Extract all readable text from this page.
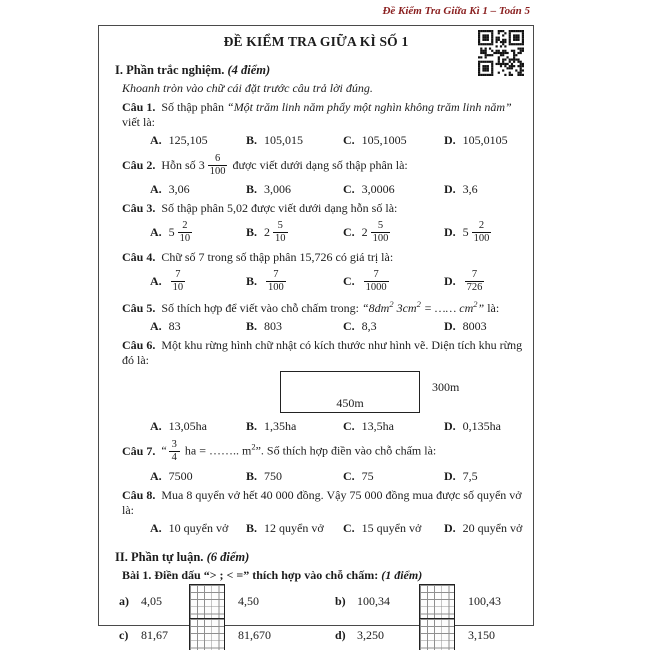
Đề Kiểm Tra Giữa Kì 1 – Toán 5
ĐỀ KIỂM TRA GIỮA KÌ SỐ 1
I. Phần trắc nghiệm. (4 điểm)
Khoanh tròn vào chữ cái đặt trước câu trả lời đúng.
Câu 1. Số thập phân “Một trăm linh năm phẩy một nghìn không trăm linh năm” viết là:
A. 125,105	B. 105,015	C. 105,1005	D. 105,0105
Câu 2. Hỗn số $3 \frac{6}{100}$ được viết dưới dạng số thập phân là:
A. 3,06	B. 3,006	C. 3,0006	D. 3,6
Câu 3. Số thập phân 5,02 được viết dưới dạng hỗn số là:
A. $5 \frac{2}{10}$	B. $2 \frac{5}{10}$	C. $2 \frac{5}{100}$	D. $5 \frac{2}{100}$
Câu 4. Chữ số 7 trong số thập phân 15,726 có giá trị là:
A. $\frac{7}{10}$	B. $\frac{7}{100}$	C. $\frac{7}{1000}$	D. $\frac{7}{726}$
Câu 5. Số thích hợp để viết vào chỗ chấm trong: “$8dm^2$ $3cm^2$ = …… $cm^2$” là:
A. 83	B. 803	C. 8,3	D. 8003
Câu 6. Một khu rừng hình chữ nhật có kích thước như hình vẽ. Diện tích khu rừng đó là:
450m
300m
A. 13,05ha	B. 1,35ha	C. 13,5ha	D. 0,135ha
Câu 7. “ $\frac{3}{4}$ ha = …….. $m^2$”. Số thích hợp điền vào chỗ chấm là:
A. 7500	B. 750	C. 75	D. 7,5
Câu 8. Mua 8 quyển vở hết 40 000 đồng. Vậy 75 000 đồng mua được số quyển vở là:
A. 10 quyển vở	B. 12 quyển vở	C. 15 quyển vở	D. 20 quyển vở
II. Phần tự luận. (6 điểm)
Bài 1. Điền dấu “> ; < =” thích hợp vào chỗ chấm: (1 điểm)
a)	4,05	4,50	b) 100,34	100,43
c)	81,67	81,670	d) 3,250	3,150
